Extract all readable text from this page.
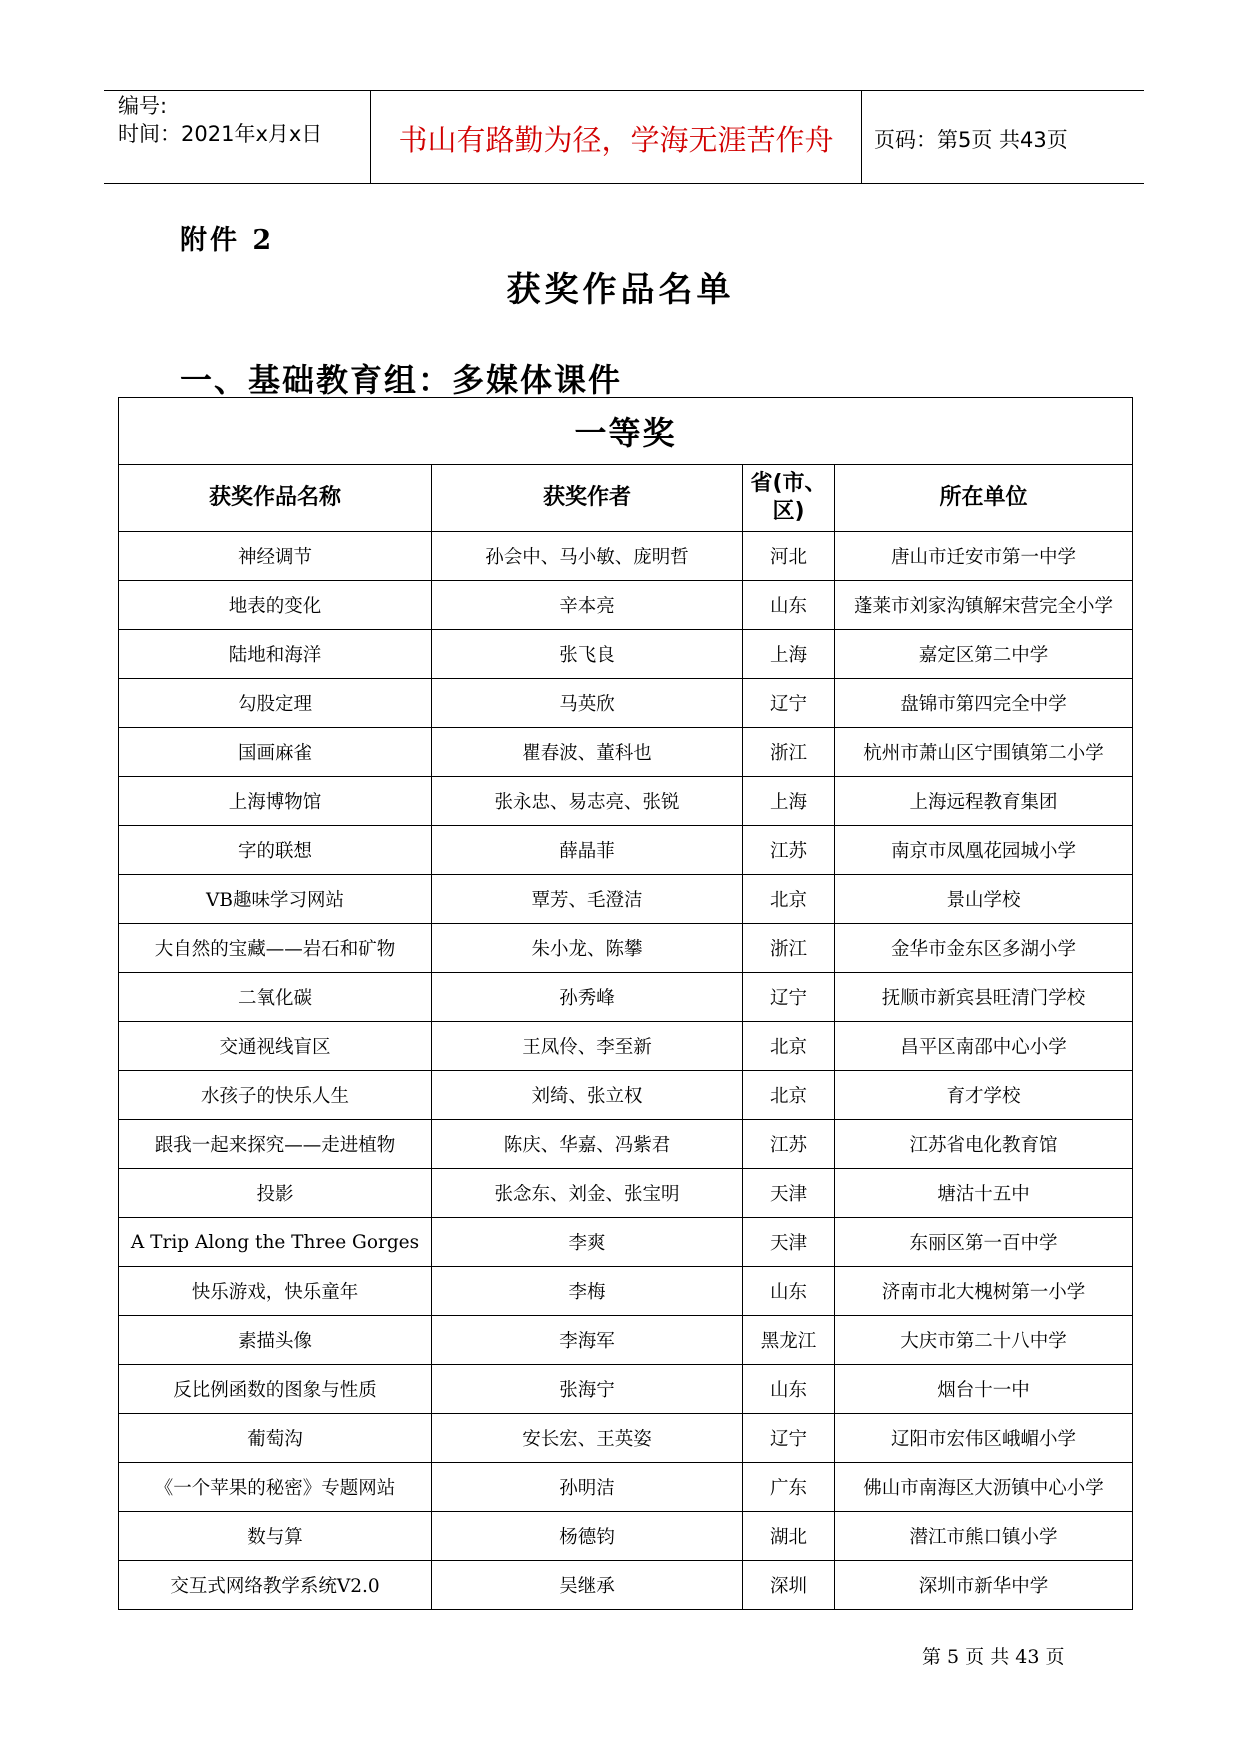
编号:
时间：2021年x月x日	书山有路勤为径，学海无涯苦作舟	页码：第5页 共43页
附件 2
获奖作品名单
一、基础教育组：多媒体课件
一等奖			
获奖作品名称	获奖作者	省(市、区)	所在单位
神经调节	孙会中、马小敏、庞明哲	河北	唐山市迁安市第一中学
地表的变化	辛本亮	山东	蓬莱市刘家沟镇解宋营完全小学
陆地和海洋	张飞良	上海	嘉定区第二中学
勾股定理	马英欣	辽宁	盘锦市第四完全中学
国画麻雀	瞿春波、董科也	浙江	杭州市萧山区宁围镇第二小学
上海博物馆	张永忠、易志亮、张锐	上海	上海远程教育集团
字的联想	薛晶菲	江苏	南京市凤凰花园城小学
VB趣味学习网站	覃芳、毛澄洁	北京	景山学校
大自然的宝藏——岩石和矿物	朱小龙、陈攀	浙江	金华市金东区多湖小学
二氧化碳	孙秀峰	辽宁	抚顺市新宾县旺清门学校
交通视线盲区	王凤伶、李至新	北京	昌平区南邵中心小学
水孩子的快乐人生	刘绮、张立权	北京	育才学校
跟我一起来探究——走进植物	陈庆、华嘉、冯紫君	江苏	江苏省电化教育馆
投影	张念东、刘金、张宝明	天津	塘沽十五中
A Trip Along the Three Gorges	李爽	天津	东丽区第一百中学
快乐游戏，快乐童年	李梅	山东	济南市北大槐树第一小学
素描头像	李海军	黑龙江	大庆市第二十八中学
反比例函数的图象与性质	张海宁	山东	烟台十一中
葡萄沟	安长宏、王英姿	辽宁	辽阳市宏伟区峨嵋小学
《一个苹果的秘密》专题网站	孙明洁	广东	佛山市南海区大沥镇中心小学
数与算	杨德钧	湖北	潜江市熊口镇小学
交互式网络教学系统V2.0	吴继承	深圳	深圳市新华中学
第 5 页 共 43 页
